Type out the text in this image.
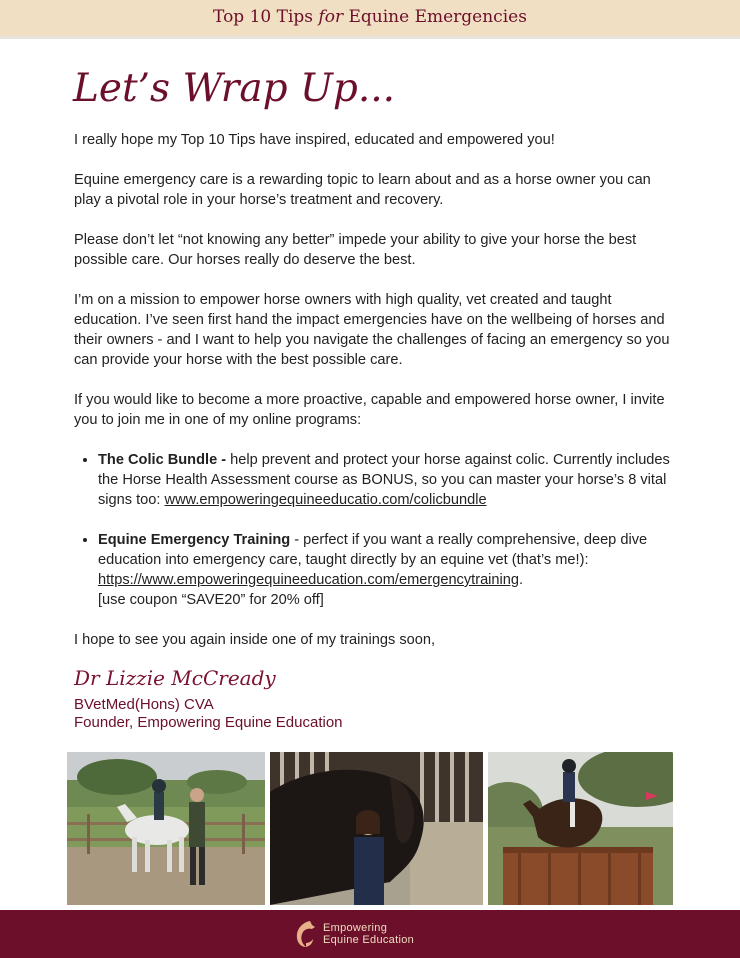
Top 10 Tips for Equine Emergencies
Let’s Wrap Up...

I really hope my Top 10 Tips have inspired, educated and empowered you!

Equine emergency care is a rewarding topic to learn about and as a horse owner you can play a pivotal role in your horse’s treatment and recovery.

Please don’t let “not knowing any better” impede your ability to give your horse the best possible care. Our horses really do deserve the best.

I’m on a mission to empower horse owners with high quality, vet created and taught education. I’ve seen first hand the impact emergencies have on the wellbeing of horses and their owners - and I want to help you navigate the challenges of facing an emergency so you can provide your horse with the best possible care.

If you would like to become a more proactive, capable and empowered horse owner, I invite you to join me in one of my online programs:

• The Colic Bundle - help prevent and protect your horse against colic. Currently includes the Horse Health Assessment course as BONUS, so you can master your horse’s 8 vital signs too: www.empoweringequineeducatio.com/colicbundle
• Equine Emergency Training - perfect if you want a really comprehensive, deep dive education into emergency care, taught directly by an equine vet (that’s me!): https://www.empoweringequineeducation.com/emergencytraining.
[use coupon “SAVE20” for 20% off]

I hope to see you again inside one of my trainings soon,

Dr Lizzie McCready
BVetMed(Hons) CVA
Founder, Empowering Equine Education
Empowering
Equine Education
